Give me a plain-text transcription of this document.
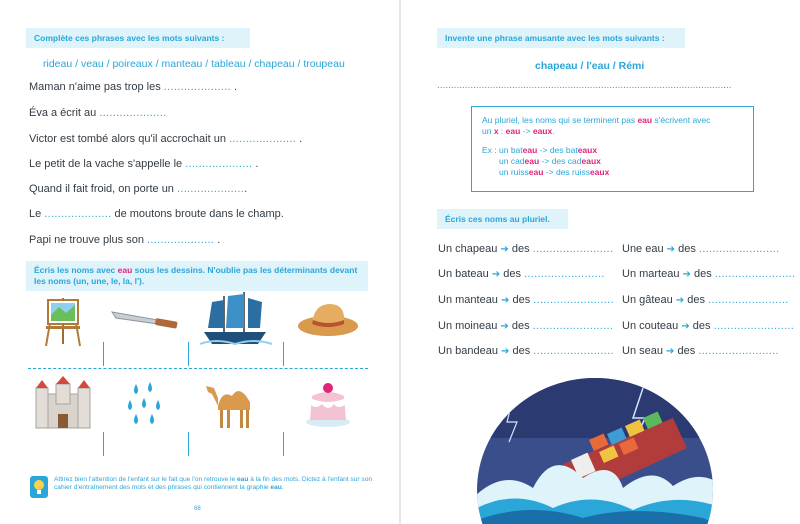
Complète ces phrases avec les mots suivants :
rideau / veau / poireaux / manteau / tableau / chapeau / troupeau
Maman n'aime pas trop les .................... .
Éva a écrit au ....................
Victor est tombé alors qu'il accrochait un .................... .
Le petit de la vache s'appelle le .................... .
Quand il fait froid, on porte un .....................
Le .................... de moutons broute dans le champ.
Papi ne trouve plus son .................... .
Écris les noms avec eau sous les dessins. N'oublie pas les déterminants devant les noms (un, une, le, la, l').
Attirez bien l'attention de l'enfant sur le fait que l'on retrouve le eau à la fin des mots. Dictez à l'enfant sur son cahier d'entraînement des mots et des phrases qui contiennent la graphie eau.
68
Invente une phrase amusante avec les mots suivants :
chapeau / l'eau / Rémi
..........................................................................................................
Au pluriel, les noms qui se terminent pas eau s'écrivent avec
un x : eau -> eaux.
Ex : un bateau -> des bateaux
un cadeau -> des cadeaux
un ruisseau -> des ruisseaux
Écris ces noms au pluriel.
Un chapeau ➔ des ........................ Une eau ➔ des ........................
Un bateau ➔ des ........................ Un marteau ➔ des ........................
Un manteau ➔ des ........................ Un gâteau ➔ des ........................
Un moineau ➔ des ........................ Un couteau ➔ des ........................
Un bandeau ➔ des ........................ Un seau ➔ des ........................
